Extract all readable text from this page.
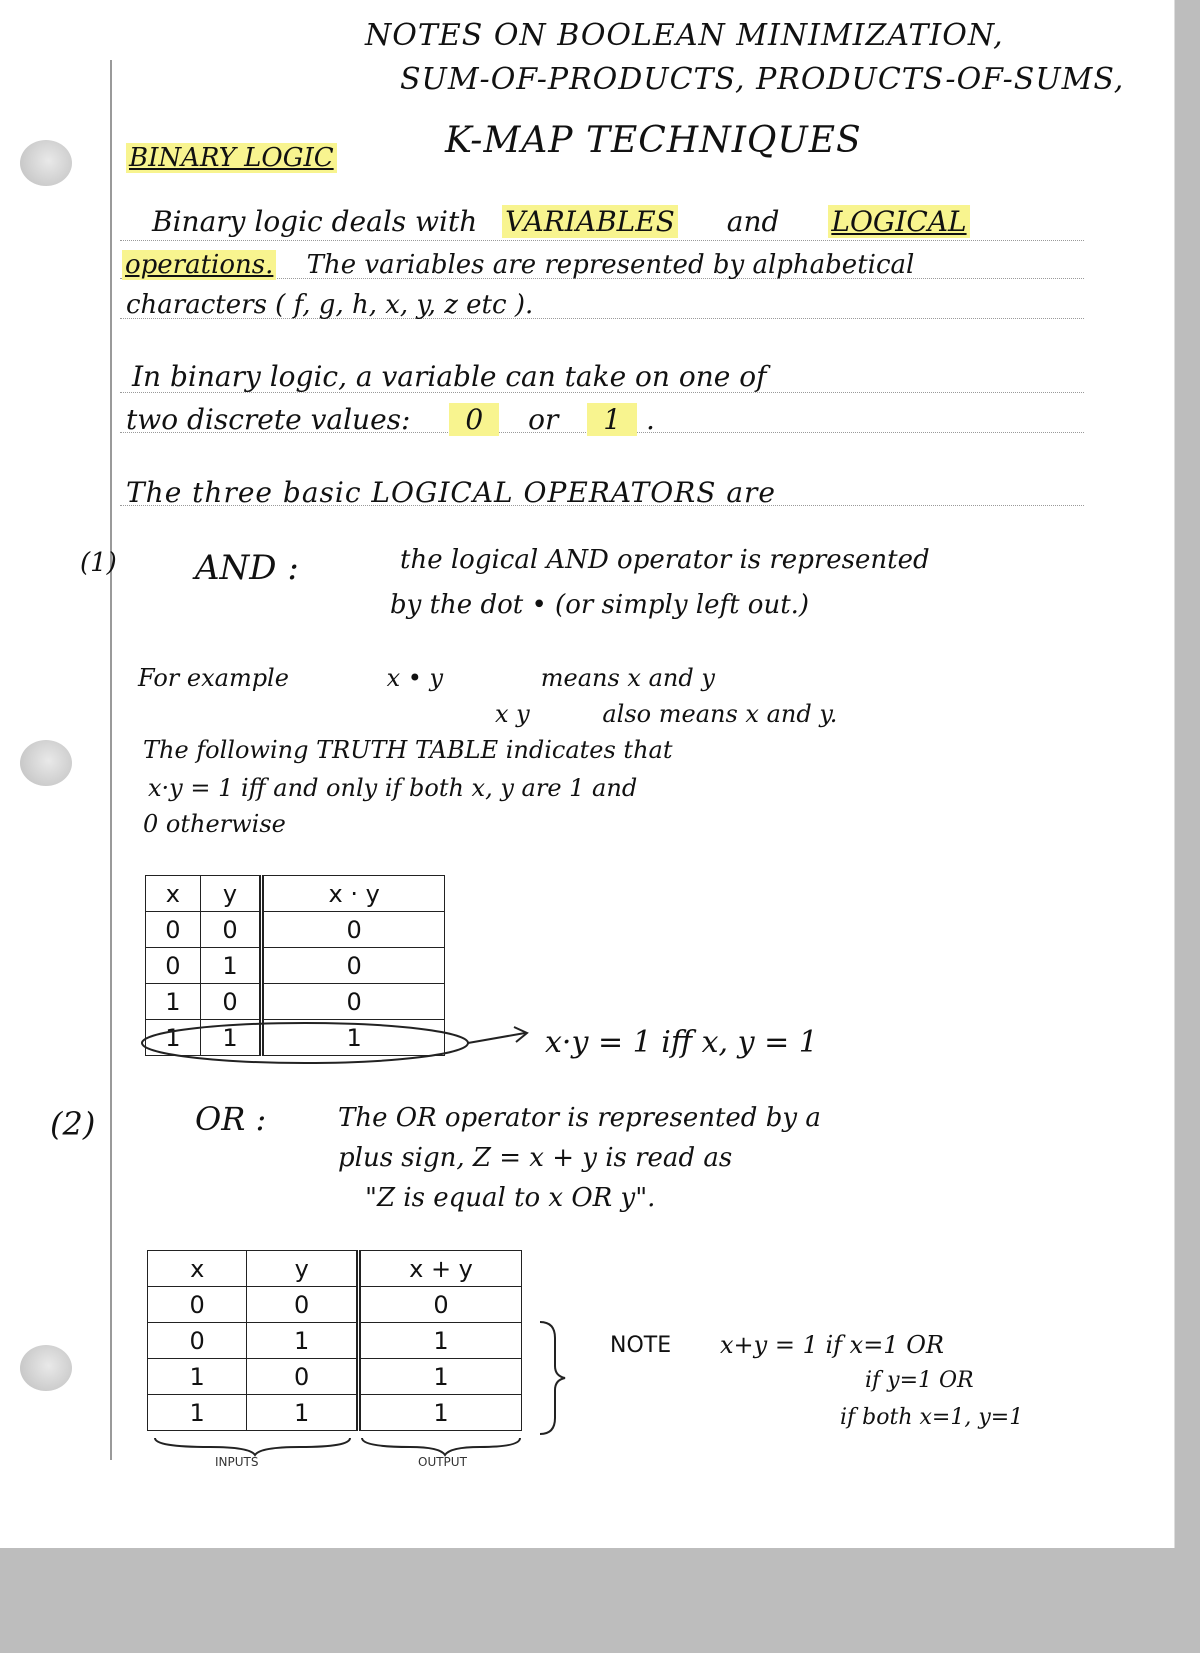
NOTES ON BOOLEAN MINIMIZATION,
SUM-OF-PRODUCTS, PRODUCTS-OF-SUMS,
K-MAP TECHNIQUES
BINARY LOGIC
Binary logic deals with VARIABLES and LOGICAL
operations. The variables are represented by alphabetical
characters ( f, g, h, x, y, z etc ).
In binary logic, a variable can take on one of
two discrete values: 0 or 1 .
The three basic LOGICAL OPERATORS are
(1) AND :	the logical AND operator is represented
by the dot • (or simply left out.)
For example	x • y	means x and y
x y	also means x and y.
The following TRUTH TABLE indicates that
x·y = 1 iff and only if both x, y are 1 and
0 otherwise
x	y	x · y
0	0	0
0	1	0
1	0	0
1	1	1	x·y = 1 iff x, y = 1
(2)	OR :	The OR operator is represented by a
plus sign, Z = x + y is read as
"Z is equal to x OR y".
x	y	x + y
0	0	0
0	1	1
1	0	1
1	1	1
INPUTS	OUTPUT
NOTE x+y = 1 if x=1 OR
if y=1 OR
if both x=1, y=1
